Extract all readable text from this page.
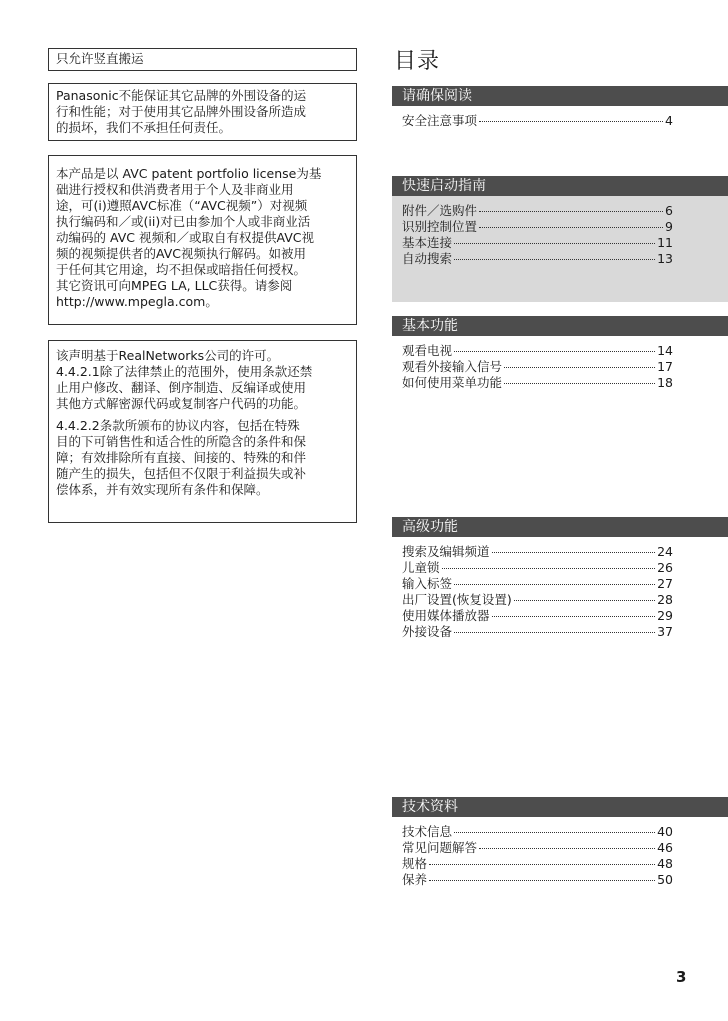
只允许竖直搬运

Panasonic不能保证其它品牌的外围设备的运

行和性能；对于使用其它品牌外围设备所造成

的损坏，我们不承担任何责任。

本产品是以 AVC patent portfolio license为基

础进行授权和供消费者用于个人及非商业用

途，可(i)遵照AVC标准（“AVC视频”）对视频

执行编码和／或(ii)对已由参加个人或非商业活

动编码的 AVC 视频和／或取自有权提供AVC视

频的视频提供者的AVC视频执行解码。如被用

于任何其它用途，均不担保或暗指任何授权。

其它资讯可向MPEG LA, LLC获得。请参阅

http://www.mpegla.com。

该声明基于RealNetworks公司的许可。

4.4.2.1除了法律禁止的范围外，使用条款还禁

止用户修改、翻译、倒序制造、反编译或使用

其他方式解密源代码或复制客户代码的功能。

4.4.2.2条款所颁布的协议内容，包括在特殊

目的下可销售性和适合性的所隐含的条件和保

障；有效排除所有直接、间接的、特殊的和伴

随产生的损失，包括但不仅限于利益损失或补

偿体系，并有效实现所有条件和保障。

目录
请确保阅读
安全注意事项	4
快速启动指南
附件／选购件	6
识别控制位置	9
基本连接	11
自动搜索	13
基本功能
观看电视	14
观看外接输入信号	17
如何使用菜单功能	18
高级功能
搜索及编辑频道	24
儿童锁	26
输入标签	27
出厂设置(恢复设置)	28
使用媒体播放器	29
外接设备	37
技术资料
技术信息	40
常见问题解答	46
规格	48
保养	50
3
